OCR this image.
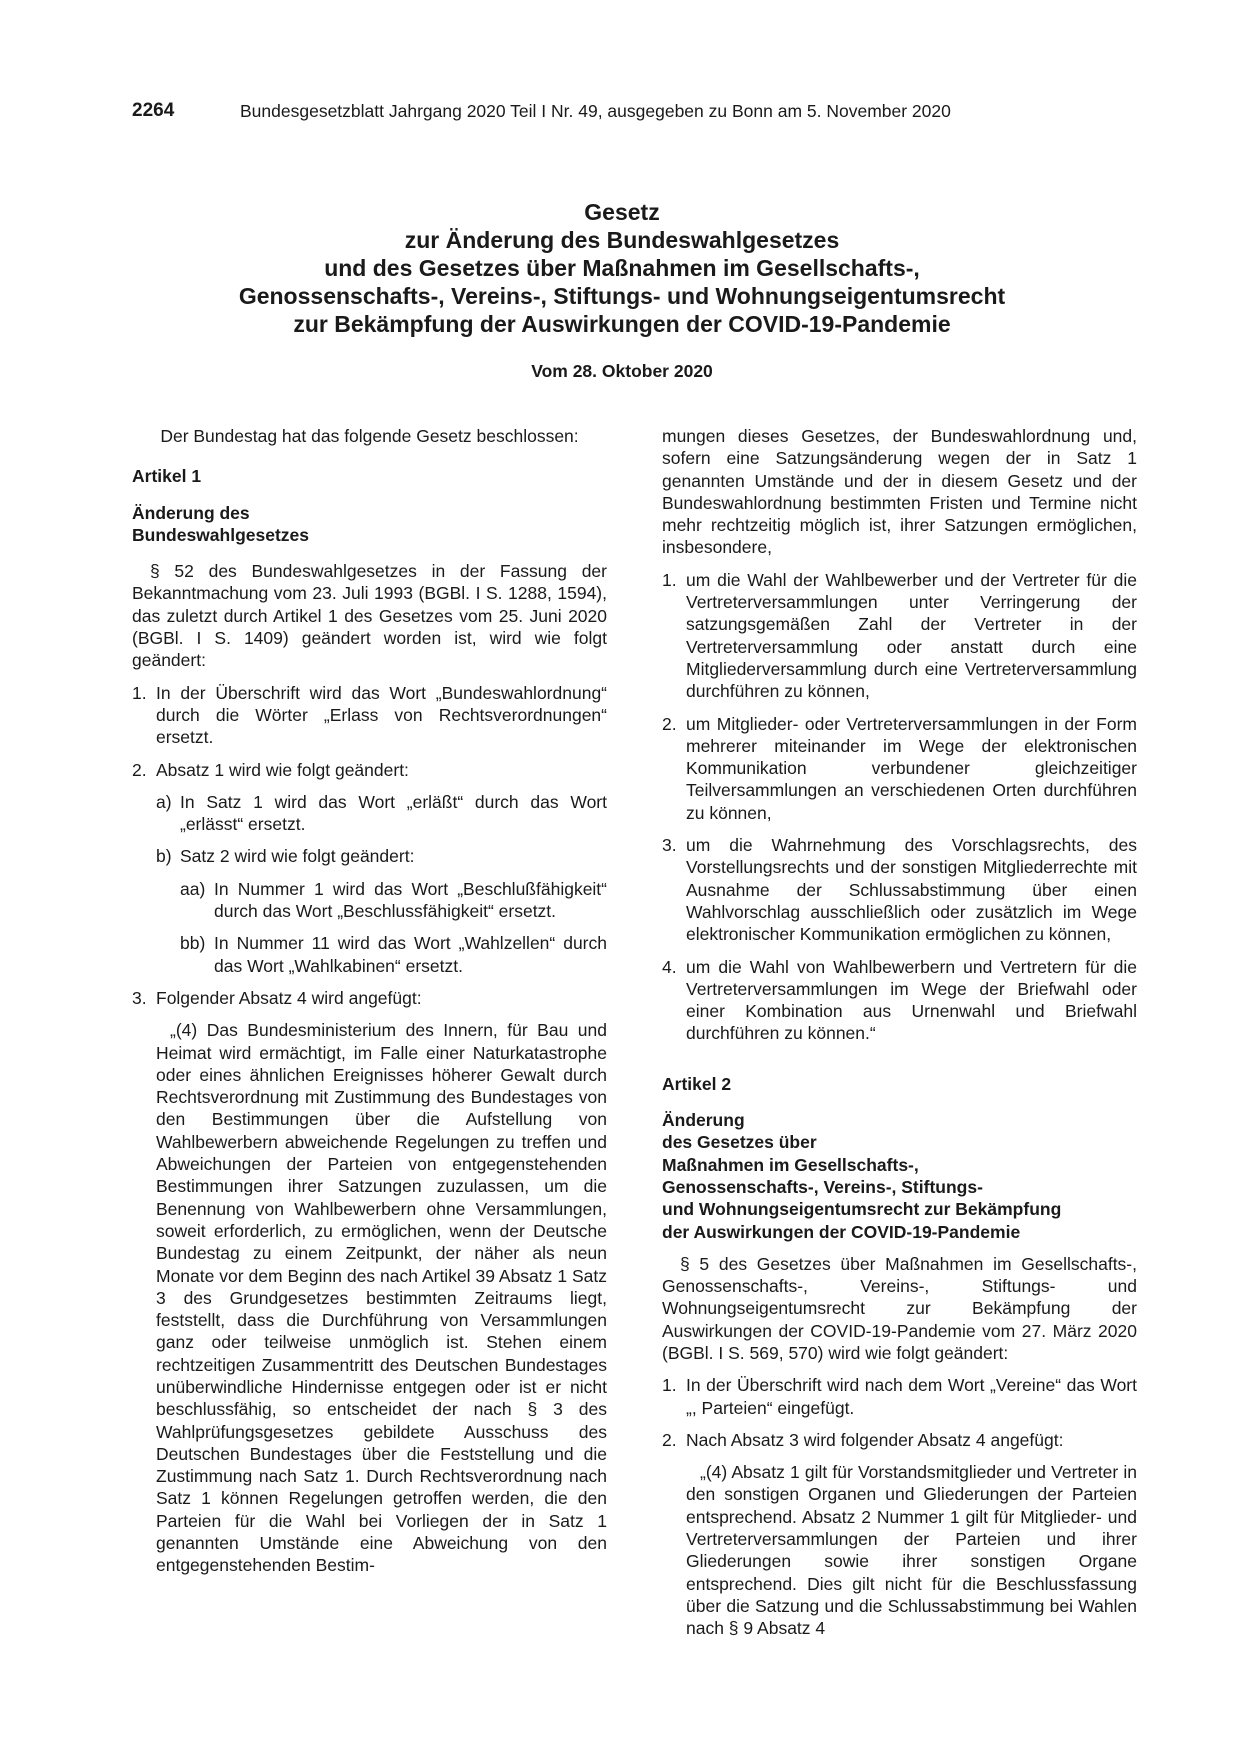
2264	Bundesgesetzblatt Jahrgang 2020 Teil I Nr. 49, ausgegeben zu Bonn am 5. November 2020
Gesetz
zur Änderung des Bundeswahlgesetzes
und des Gesetzes über Maßnahmen im Gesellschafts-,
Genossenschafts-, Vereins-, Stiftungs- und Wohnungseigentumsrecht
zur Bekämpfung der Auswirkungen der COVID-19-Pandemie
Vom 28. Oktober 2020

Der Bundestag hat das folgende Gesetz beschlossen:

Artikel 1

Änderung des

Bundeswahlgesetzes

§ 52 des Bundeswahlgesetzes in der Fassung der Bekanntmachung vom 23. Juli 1993 (BGBl. I S. 1288, 1594), das zuletzt durch Artikel 1 des Gesetzes vom 25. Juni 2020 (BGBl. I S. 1409) geändert worden ist, wird wie folgt geändert:

1. In der Überschrift wird das Wort „Bundeswahlordnung“ durch die Wörter „Erlass von Rechtsverordnungen“ ersetzt.
2. Absatz 1 wird wie folgt geändert:
a) In Satz 1 wird das Wort „erläßt“ durch das Wort „erlässt“ ersetzt.
b) Satz 2 wird wie folgt geändert:
aa) In Nummer 1 wird das Wort „Beschlußfähigkeit“ durch das Wort „Beschlussfähigkeit“ ersetzt.
bb) In Nummer 11 wird das Wort „Wahlzellen“ durch das Wort „Wahlkabinen“ ersetzt.
3. Folgender Absatz 4 wird angefügt:

„(4) Das Bundesministerium des Innern, für Bau und Heimat wird ermächtigt, im Falle einer Naturkatastrophe oder eines ähnlichen Ereignisses höherer Gewalt durch Rechtsverordnung mit Zustimmung des Bundestages von den Bestimmungen über die Aufstellung von Wahlbewerbern abweichende Regelungen zu treffen und Abweichungen der Parteien von entgegenstehenden Bestimmungen ihrer Satzungen zuzulassen, um die Benennung von Wahlbewerbern ohne Versammlungen, soweit erforderlich, zu ermöglichen, wenn der Deutsche Bundestag zu einem Zeitpunkt, der näher als neun Monate vor dem Beginn des nach Artikel 39 Absatz 1 Satz 3 des Grundgesetzes bestimmten Zeitraums liegt, feststellt, dass die Durchführung von Versammlungen ganz oder teilweise unmöglich ist. Stehen einem rechtzeitigen Zusammentritt des Deutschen Bundestages unüberwindliche Hindernisse entgegen oder ist er nicht beschlussfähig, so entscheidet der nach § 3 des Wahlprüfungsgesetzes gebildete Ausschuss des Deutschen Bundestages über die Feststellung und die Zustimmung nach Satz 1. Durch Rechtsverordnung nach Satz 1 können Regelungen getroffen werden, die den Parteien für die Wahl bei Vorliegen der in Satz 1 genannten Umstände eine Abweichung von den entgegenstehenden Bestim-

mungen dieses Gesetzes, der Bundeswahlordnung und, sofern eine Satzungsänderung wegen der in Satz 1 genannten Umstände und der in diesem Gesetz und der Bundeswahlordnung bestimmten Fristen und Termine nicht mehr rechtzeitig möglich ist, ihrer Satzungen ermöglichen, insbesondere,

1. um die Wahl der Wahlbewerber und der Vertreter für die Vertreterversammlungen unter Verringerung der satzungsgemäßen Zahl der Vertreter in der Vertreterversammlung oder anstatt durch eine Mitgliederversammlung durch eine Vertreterversammlung durchführen zu können,
2. um Mitglieder- oder Vertreterversammlungen in der Form mehrerer miteinander im Wege der elektronischen Kommunikation verbundener gleichzeitiger Teilversammlungen an verschiedenen Orten durchführen zu können,
3. um die Wahrnehmung des Vorschlagsrechts, des Vorstellungsrechts und der sonstigen Mitgliederrechte mit Ausnahme der Schlussabstimmung über einen Wahlvorschlag ausschließlich oder zusätzlich im Wege elektronischer Kommunikation ermöglichen zu können,
4. um die Wahl von Wahlbewerbern und Vertretern für die Vertreterversammlungen im Wege der Briefwahl oder einer Kombination aus Urnenwahl und Briefwahl durchführen zu können.“

Artikel 2

Änderung

des Gesetzes über

Maßnahmen im Gesellschafts-,

Genossenschafts-, Vereins-, Stiftungs-

und Wohnungseigentumsrecht zur Bekämpfung

der Auswirkungen der COVID-19-Pandemie

§ 5 des Gesetzes über Maßnahmen im Gesellschafts-, Genossenschafts-, Vereins-, Stiftungs- und Wohnungseigentumsrecht zur Bekämpfung der Auswirkungen der COVID-19-Pandemie vom 27. März 2020 (BGBl. I S. 569, 570) wird wie folgt geändert:

1. In der Überschrift wird nach dem Wort „Vereine“ das Wort „, Parteien“ eingefügt.
2. Nach Absatz 3 wird folgender Absatz 4 angefügt:

„(4) Absatz 1 gilt für Vorstandsmitglieder und Vertreter in den sonstigen Organen und Gliederungen der Parteien entsprechend. Absatz 2 Nummer 1 gilt für Mitglieder- und Vertreterversammlungen der Parteien und ihrer Gliederungen sowie ihrer sonstigen Organe entsprechend. Dies gilt nicht für die Beschlussfassung über die Satzung und die Schlussabstimmung bei Wahlen nach § 9 Absatz 4
